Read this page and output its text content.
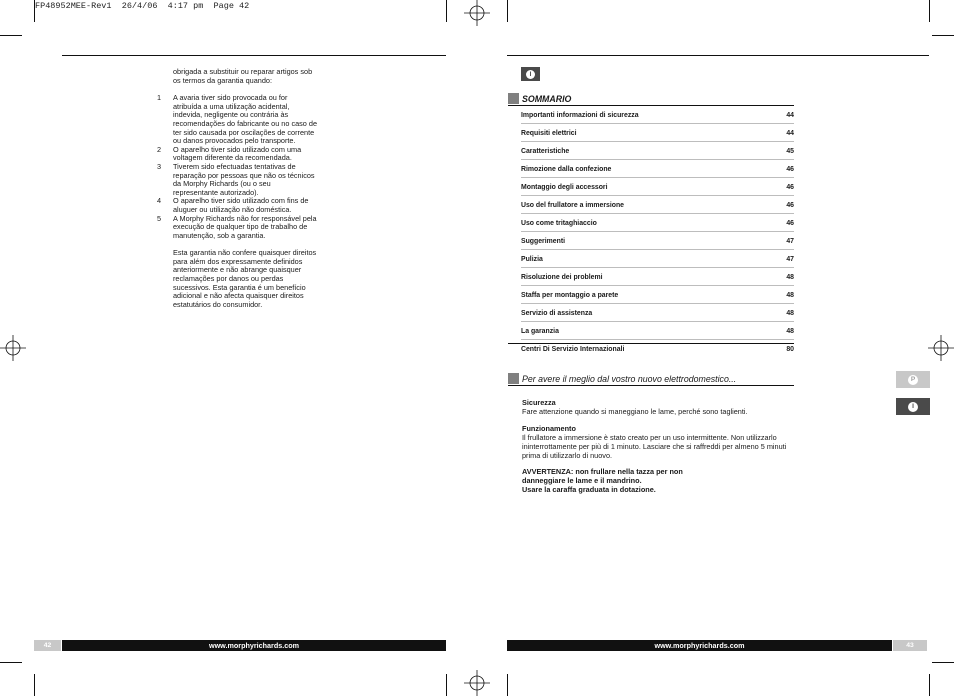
FP48952MEE-Rev1  26/4/06  4:17 pm  Page 42
obrigada a substituir ou reparar artigos sob os termos da garantia quando:
1	A avaria tiver sido provocada ou for atribuída a uma utilização acidental, indevida, negligente ou contrária às recomendações do fabricante ou no caso de ter sido causada por oscilações de corrente ou danos provocados pelo transporte.
2	O aparelho tiver sido utilizado com uma voltagem diferente da recomendada.
3	Tiverem sido efectuadas tentativas de reparação por pessoas que não os técnicos da Morphy Richards (ou o seu representante autorizado).
4	O aparelho tiver sido utilizado com fins de aluguer ou utilização não doméstica.
5	A Morphy Richards não for responsável pela execução de qualquer tipo de trabalho de manutenção, sob a garantia.
Esta garantia não confere quaisquer direitos para além dos expressamente definidos anteriormente e não abrange quaisquer reclamações por danos ou perdas sucessivos. Esta garantia é um benefício adicional e não afecta quaisquer direitos estatutários do consumidor.
42	www.morphyrichards.com
I
SOMMARIO
Importanti informazioni di sicurezza	44
Requisiti elettrici	44
Caratteristiche	45
Rimozione dalla confezione	46
Montaggio degli accessori	46
Uso del frullatore a immersione	46
Uso come tritaghiaccio	46
Suggerimenti	47
Pulizia	47
Risoluzione dei problemi	48
Staffa per montaggio a parete	48
Servizio di assistenza	48
La garanzia	48
Centri Di Servizio Internazionali	80
Per avere il meglio dal vostro nuovo elettrodomestico...
Sicurezza
Fare attenzione quando si maneggiano le lame, perché sono taglienti.
Funzionamento
Il frullatore a immersione è stato creato per un uso intermittente. Non utilizzarlo ininterrottamente per più di 1 minuto. Lasciare che si raffreddi per almeno 5 minuti prima di utilizzarlo di nuovo.
AVVERTENZA: non frullare nella tazza per non
danneggiare le lame e il mandrino.
Usare la caraffa graduata in dotazione.
P
I
www.morphyrichards.com	43
